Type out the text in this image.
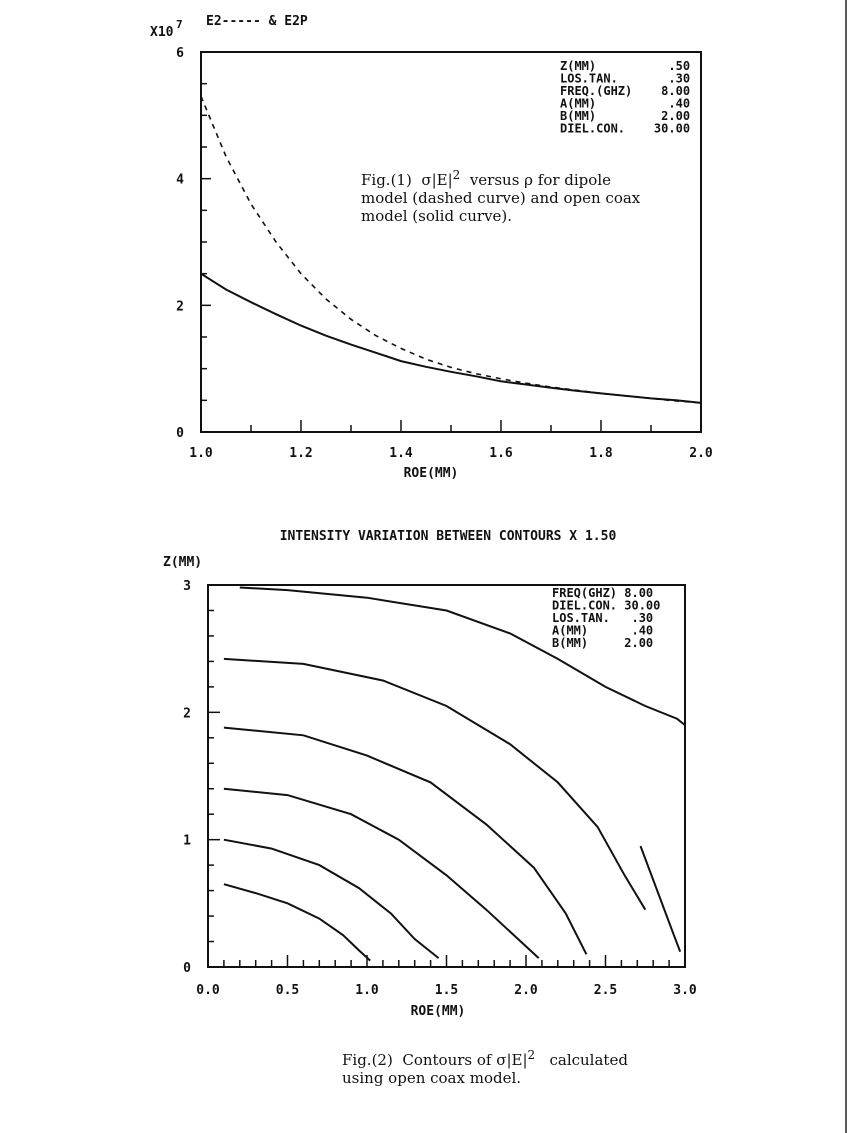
E2----- & E2P
X10
7
1.0	1.2	1.4	1.6	1.8	2.0
0
2
4
6
Z(MM)          .50
LOS.TAN.       .30
FREQ.(GHZ)    8.00
A(MM)          .40
B(MM)         2.00
DIEL.CON.    30.00
ROE(MM)
INTENSITY VARIATION BETWEEN CONTOURS X 1.50
Z(MM)
0.0	0.5	1.0	1.5	2.0	2.5	3.0
0
1
2
3	FREQ(GHZ) 8.00
DIEL.CON. 30.00
LOS.TAN.   .30
A(MM)      .40
B(MM)     2.00
ROE(MM)
Fig.(1)  $\sigma|E|^2$  versus ρ for dipole
model (dashed curve) and open coax
model (solid curve).
Fig.(2)  Contours of $\sigma|E|^2$   calculated
using open coax model.
